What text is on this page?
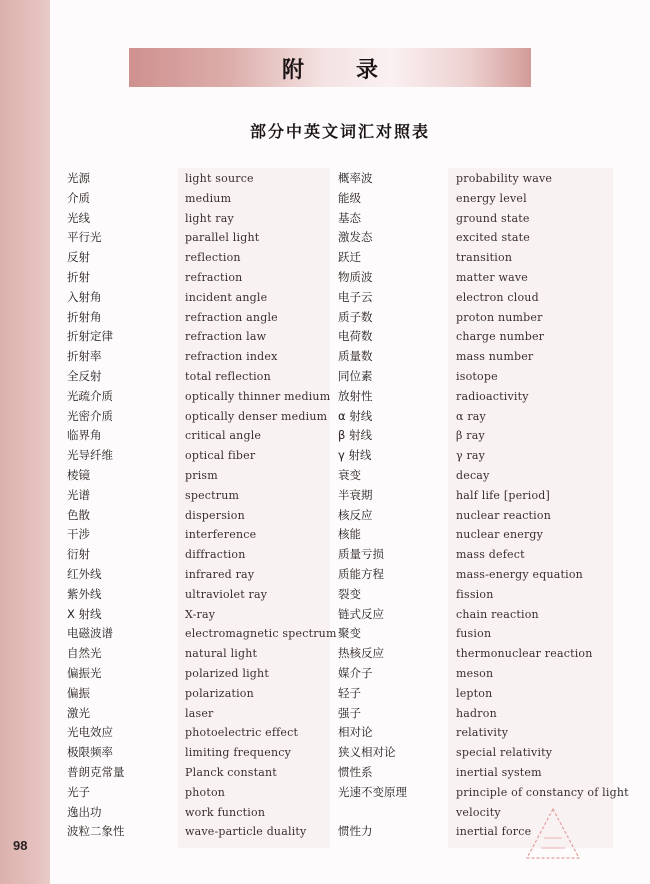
98
附录
部分中英文词汇对照表
光源
介质
光线
平行光
反射
折射
入射角
折射角
折射定律
折射率
全反射
光疏介质
光密介质
临界角
光导纤维
棱镜
光谱
色散
干涉
衍射
红外线
紫外线
X 射线
电磁波谱
自然光
偏振光
偏振
激光
光电效应
极限频率
普朗克常量
光子
逸出功
波粒二象性
light source
medium
light ray
parallel light
reflection
refraction
incident angle
refraction angle
refraction law
refraction index
total reflection
optically thinner medium
optically denser medium
critical angle
optical fiber
prism
spectrum
dispersion
interference
diffraction
infrared ray
ultraviolet ray
X-ray
electromagnetic spectrum
natural light
polarized light
polarization
laser
photoelectric effect
limiting frequency
Planck constant
photon
work function
wave-particle duality
概率波
能级
基态
激发态
跃迁
物质波
电子云
质子数
电荷数
质量数
同位素
放射性
α 射线
β 射线
γ 射线
衰变
半衰期
核反应
核能
质量亏损
质能方程
裂变
链式反应
聚变
热核反应
媒介子
轻子
强子
相对论
狭义相对论
惯性系
光速不变原理
惯性力
probability wave
energy level
ground state
excited state
transition
matter wave
electron cloud
proton number
charge number
mass number
isotope
radioactivity
α ray
β ray
γ ray
decay
half life [period]
nuclear reaction
nuclear energy
mass defect
mass-energy equation
fission
chain reaction
fusion
thermonuclear reaction
meson
lepton
hadron
relativity
special relativity
inertial system
principle of constancy of light
velocity
inertial force
